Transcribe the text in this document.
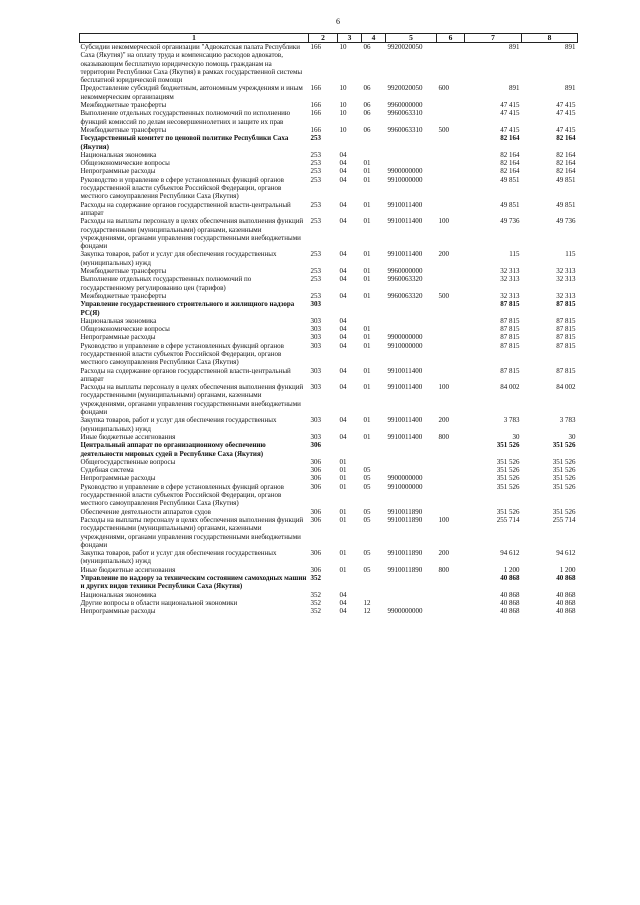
6
1	2	3	4	5	6	7	8
Субсидии некоммерческой организации "Адвокатская палата Республики Саха (Якутия)" на оплату труда и компенсацию расходов адвокатов, оказывающим бесплатную юридическую помощь гражданам на территории Республики Саха (Якутия) в рамках государственной системы бесплатной юридической помощи	166	10	06	9920020050		891	891
Предоставление субсидий бюджетным, автономным учреждениям и иным некоммерческим организациям	166	10	06	9920020050	600	891	891
Межбюджетные трансферты	166	10	06	9960000000		47 415	47 415
Выполнение отдельных государственных полномочий по исполнению функций комиссий по делам несовершеннолетних и защите их прав	166	10	06	9960063310		47 415	47 415
Межбюджетные трансферты	166	10	06	9960063310	500	47 415	47 415
Государственный комитет по ценовой политике Республики Саха (Якутия)	253					82 164	82 164
Национальная экономика	253	04				82 164	82 164
Общеэкономические вопросы	253	04	01			82 164	82 164
Непрограммные расходы	253	04	01	9900000000		82 164	82 164
Руководство и управление в сфере установленных функций органов государственной власти субъектов Российской Федерации, органов местного самоуправления Республики Саха (Якутия)	253	04	01	9910000000		49 851	49 851
Расходы на содержание органов государственной власти-центральный аппарат	253	04	01	9910011400		49 851	49 851
Расходы на выплаты персоналу в целях обеспечения выполнения функций государственными (муниципальными) органами, казенными учреждениями, органами управления государственными внебюджетными фондами	253	04	01	9910011400	100	49 736	49 736
Закупка товаров, работ и услуг для обеспечения государственных (муниципальных) нужд	253	04	01	9910011400	200	115	115
Межбюджетные трансферты	253	04	01	9960000000		32 313	32 313
Выполнение отдельных государственных полномочий по государственному регулированию цен (тарифов)	253	04	01	9960063320		32 313	32 313
Межбюджетные трансферты	253	04	01	9960063320	500	32 313	32 313
Управление государственного строительного и жилищного надзора РС(Я)	303					87 815	87 815
Национальная экономика	303	04				87 815	87 815
Общеэкономические вопросы	303	04	01			87 815	87 815
Непрограммные расходы	303	04	01	9900000000		87 815	87 815
Руководство и управление в сфере установленных функций органов государственной власти субъектов Российской Федерации, органов местного самоуправления Республики Саха (Якутия)	303	04	01	9910000000		87 815	87 815
Расходы на содержание органов государственной власти-центральный аппарат	303	04	01	9910011400		87 815	87 815
Расходы на выплаты персоналу в целях обеспечения выполнения функций государственными (муниципальными) органами, казенными учреждениями, органами управления государственными внебюджетными фондами	303	04	01	9910011400	100	84 002	84 002
Закупка товаров, работ и услуг для обеспечения государственных (муниципальных) нужд	303	04	01	9910011400	200	3 783	3 783
Иные бюджетные ассигнования	303	04	01	9910011400	800	30	30
Центральный аппарат по организационному обеспечению деятельности мировых судей в Республике Саха (Якутия)	306					351 526	351 526
Общегосударственные вопросы	306	01				351 526	351 526
Судебная система	306	01	05			351 526	351 526
Непрограммные расходы	306	01	05	9900000000		351 526	351 526
Руководство и управление в сфере установленных функций органов государственной власти субъектов Российской Федерации, органов местного самоуправления Республики Саха (Якутия)	306	01	05	9910000000		351 526	351 526
Обеспечение деятельности аппаратов судов	306	01	05	9910011890		351 526	351 526
Расходы на выплаты персоналу в целях обеспечения выполнения функций государственными (муниципальными) органами, казенными учреждениями, органами управления государственными внебюджетными фондами	306	01	05	9910011890	100	255 714	255 714
Закупка товаров, работ и услуг для обеспечения государственных (муниципальных) нужд	306	01	05	9910011890	200	94 612	94 612
Иные бюджетные ассигнования	306	01	05	9910011890	800	1 200	1 200
Управление по надзору за техническим состоянием самоходных машин и других видов техники Республики Саха (Якутия)	352					40 868	40 868
Национальная экономика	352	04				40 868	40 868
Другие вопросы в области национальной экономики	352	04	12			40 868	40 868
Непрограммные расходы	352	04	12	9900000000		40 868	40 868
